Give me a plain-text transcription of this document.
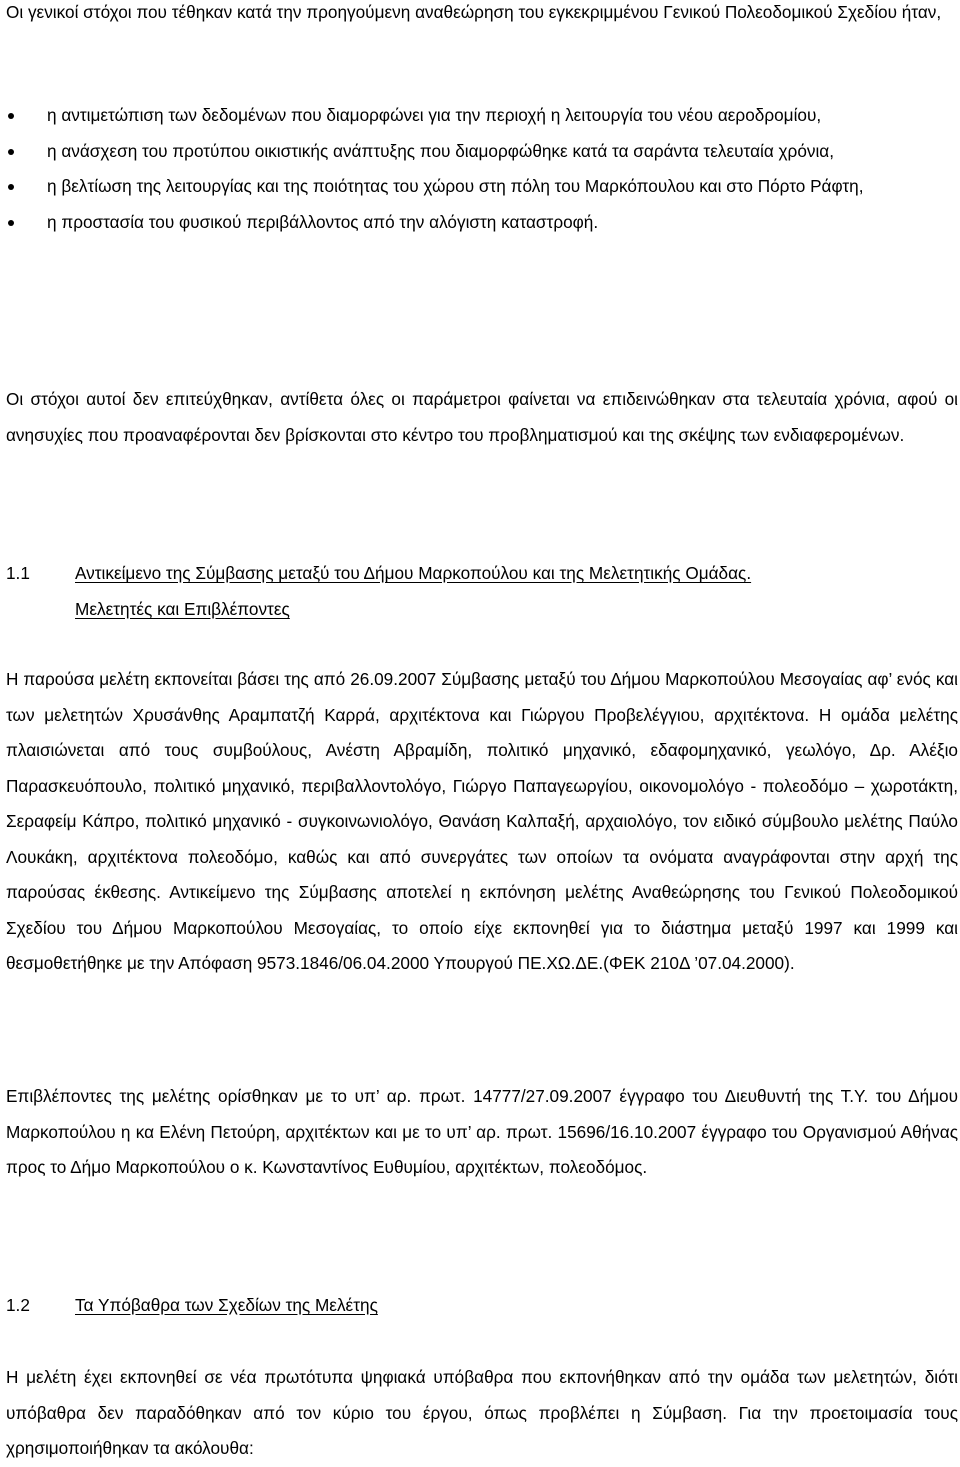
Οι γενικοί στόχοι που τέθηκαν κατά την προηγούμενη αναθεώρηση του εγκεκριμμένου Γενικού Πολεοδομικού Σχεδίου ήταν,

η αντιμετώπιση των δεδομένων που διαμορφώνει για την περιοχή η λειτουργία του νέου αεροδρομίου,
η ανάσχεση του προτύπου οικιστικής ανάπτυξης που διαμορφώθηκε κατά τα σαράντα τελευταία χρόνια,
η βελτίωση της λειτουργίας και της ποιότητας του χώρου στη πόλη του Μαρκόπουλου και στο Πόρτο Ράφτη,
η προστασία του φυσικού περιβάλλοντος από την αλόγιστη καταστροφή.

Οι στόχοι αυτοί δεν επιτεύχθηκαν, αντίθετα όλες οι παράμετροι φαίνεται να επιδεινώθηκαν στα τελευταία χρόνια, αφού οι ανησυχίες που προαναφέρονται δεν βρίσκονται στο κέντρο του προβληματισμού και της σκέψης των ενδιαφερομένων.

1.1	Αντικείμενο της Σύμβασης μεταξύ του Δήμου Μαρκοπούλου και της Μελετητικής Ομάδας.
Μελετητές και Επιβλέποντες

Η παρούσα μελέτη εκπονείται βάσει της από 26.09.2007 Σύμβασης μεταξύ του Δήμου Μαρκοπούλου Μεσογαίας αφ’ ενός και των μελετητών Χρυσάνθης Αραμπατζή Καρρά, αρχιτέκτονα και Γιώργου Προβελέγγιου, αρχιτέκτονα. Η ομάδα μελέτης πλαισιώνεται από τους συμβούλους, Ανέστη Αβραμίδη, πολιτικό μηχανικό, εδαφομηχανικό, γεωλόγο, Δρ. Αλέξιο Παρασκευόπουλο, πολιτικό μηχανικό, περιβαλλοντολόγο, Γιώργο Παπαγεωργίου, οικονομολόγο - πολεοδόμο – χωροτάκτη, Σεραφείμ Κάπρο, πολιτικό μηχανικό - συγκοινωνιολόγο, Θανάση Καλπαξή, αρχαιολόγο, τον ειδικό σύμβουλο μελέτης Παύλο Λουκάκη, αρχιτέκτονα πολεοδόμο, καθώς και από συνεργάτες των οποίων τα ονόματα αναγράφονται στην αρχή της παρούσας έκθεσης. Αντικείμενο της Σύμβασης αποτελεί η εκπόνηση μελέτης Αναθεώρησης του Γενικού Πολεοδομικού Σχεδίου του Δήμου Μαρκοπούλου Μεσογαίας, το οποίο είχε εκπονηθεί για το διάστημα μεταξύ 1997 και 1999 και θεσμοθετήθηκε με την Απόφαση 9573.1846/06.04.2000 Υπουργού ΠΕ.ΧΩ.ΔΕ.(ΦΕΚ 210Δ ’07.04.2000).

Επιβλέποντες της μελέτης ορίσθηκαν με το υπ’ αρ. πρωτ. 14777/27.09.2007 έγγραφο του Διευθυντή της Τ.Υ. του Δήμου Μαρκοπούλου η κα Ελένη Πετούρη, αρχιτέκτων και με το υπ’ αρ. πρωτ. 15696/16.10.2007 έγγραφο του Οργανισμού Αθήνας προς το Δήμο Μαρκοπούλου ο κ. Κωνσταντίνος Ευθυμίου, αρχιτέκτων, πολεοδόμος.

1.2	Τα Υπόβαθρα των Σχεδίων της Μελέτης

Η μελέτη έχει εκπονηθεί σε νέα πρωτότυπα ψηφιακά υπόβαθρα που εκπονήθηκαν από την ομάδα των μελετητών, διότι υπόβαθρα δεν παραδόθηκαν από τον κύριο του έργου, όπως προβλέπει η Σύμβαση. Για την προετοιμασία τους χρησιμοποιήθηκαν τα ακόλουθα:
